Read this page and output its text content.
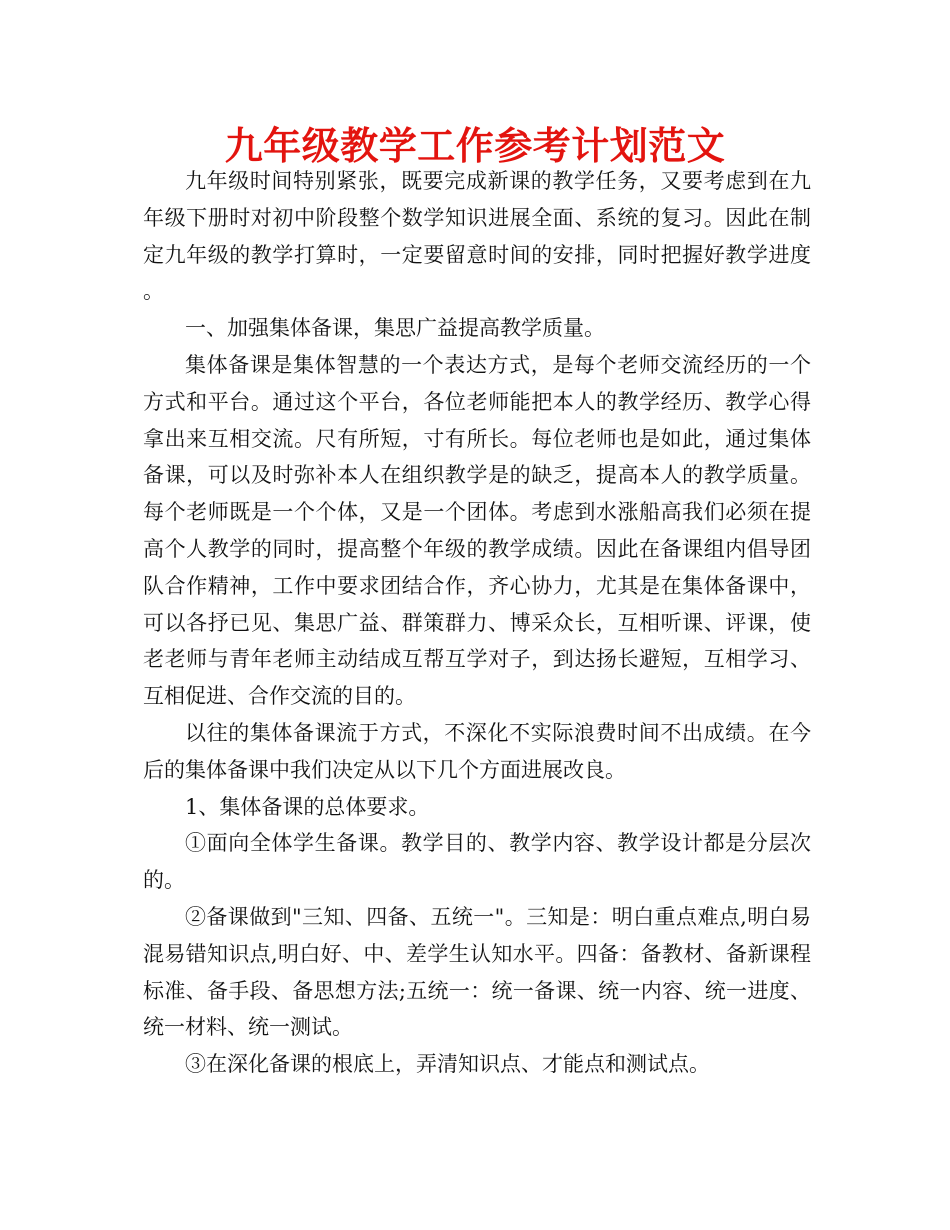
九年级教学工作参考计划范文

九年级时间特别紧张，既要完成新课的教学任务，又要考虑到在九年级下册时对初中阶段整个数学知识进展全面、系统的复习。因此在制定九年级的教学打算时，一定要留意时间的安排，同时把握好教学进度。

一、加强集体备课，集思广益提高教学质量。

集体备课是集体智慧的一个表达方式，是每个老师交流经历的一个方式和平台。通过这个平台，各位老师能把本人的教学经历、教学心得拿出来互相交流。尺有所短，寸有所长。每位老师也是如此，通过集体备课，可以及时弥补本人在组织教学是的缺乏，提高本人的教学质量。每个老师既是一个个体，又是一个团体。考虑到水涨船高我们必须在提高个人教学的同时，提高整个年级的教学成绩。因此在备课组内倡导团队合作精神，工作中要求团结合作，齐心协力，尤其是在集体备课中，可以各抒已见、集思广益、群策群力、博采众长，互相听课、评课，使老老师与青年老师主动结成互帮互学对子，到达扬长避短，互相学习、互相促进、合作交流的目的。

以往的集体备课流于方式，不深化不实际浪费时间不出成绩。在今后的集体备课中我们决定从以下几个方面进展改良。

1、集体备课的总体要求。

①面向全体学生备课。教学目的、教学内容、教学设计都是分层次的。

②备课做到"三知、四备、五统一"。三知是：明白重点难点,明白易混易错知识点,明白好、中、差学生认知水平。四备：备教材、备新课程标准、备手段、备思想方法;五统一：统一备课、统一内容、统一进度、统一材料、统一测试。

③在深化备课的根底上，弄清知识点、才能点和测试点。
